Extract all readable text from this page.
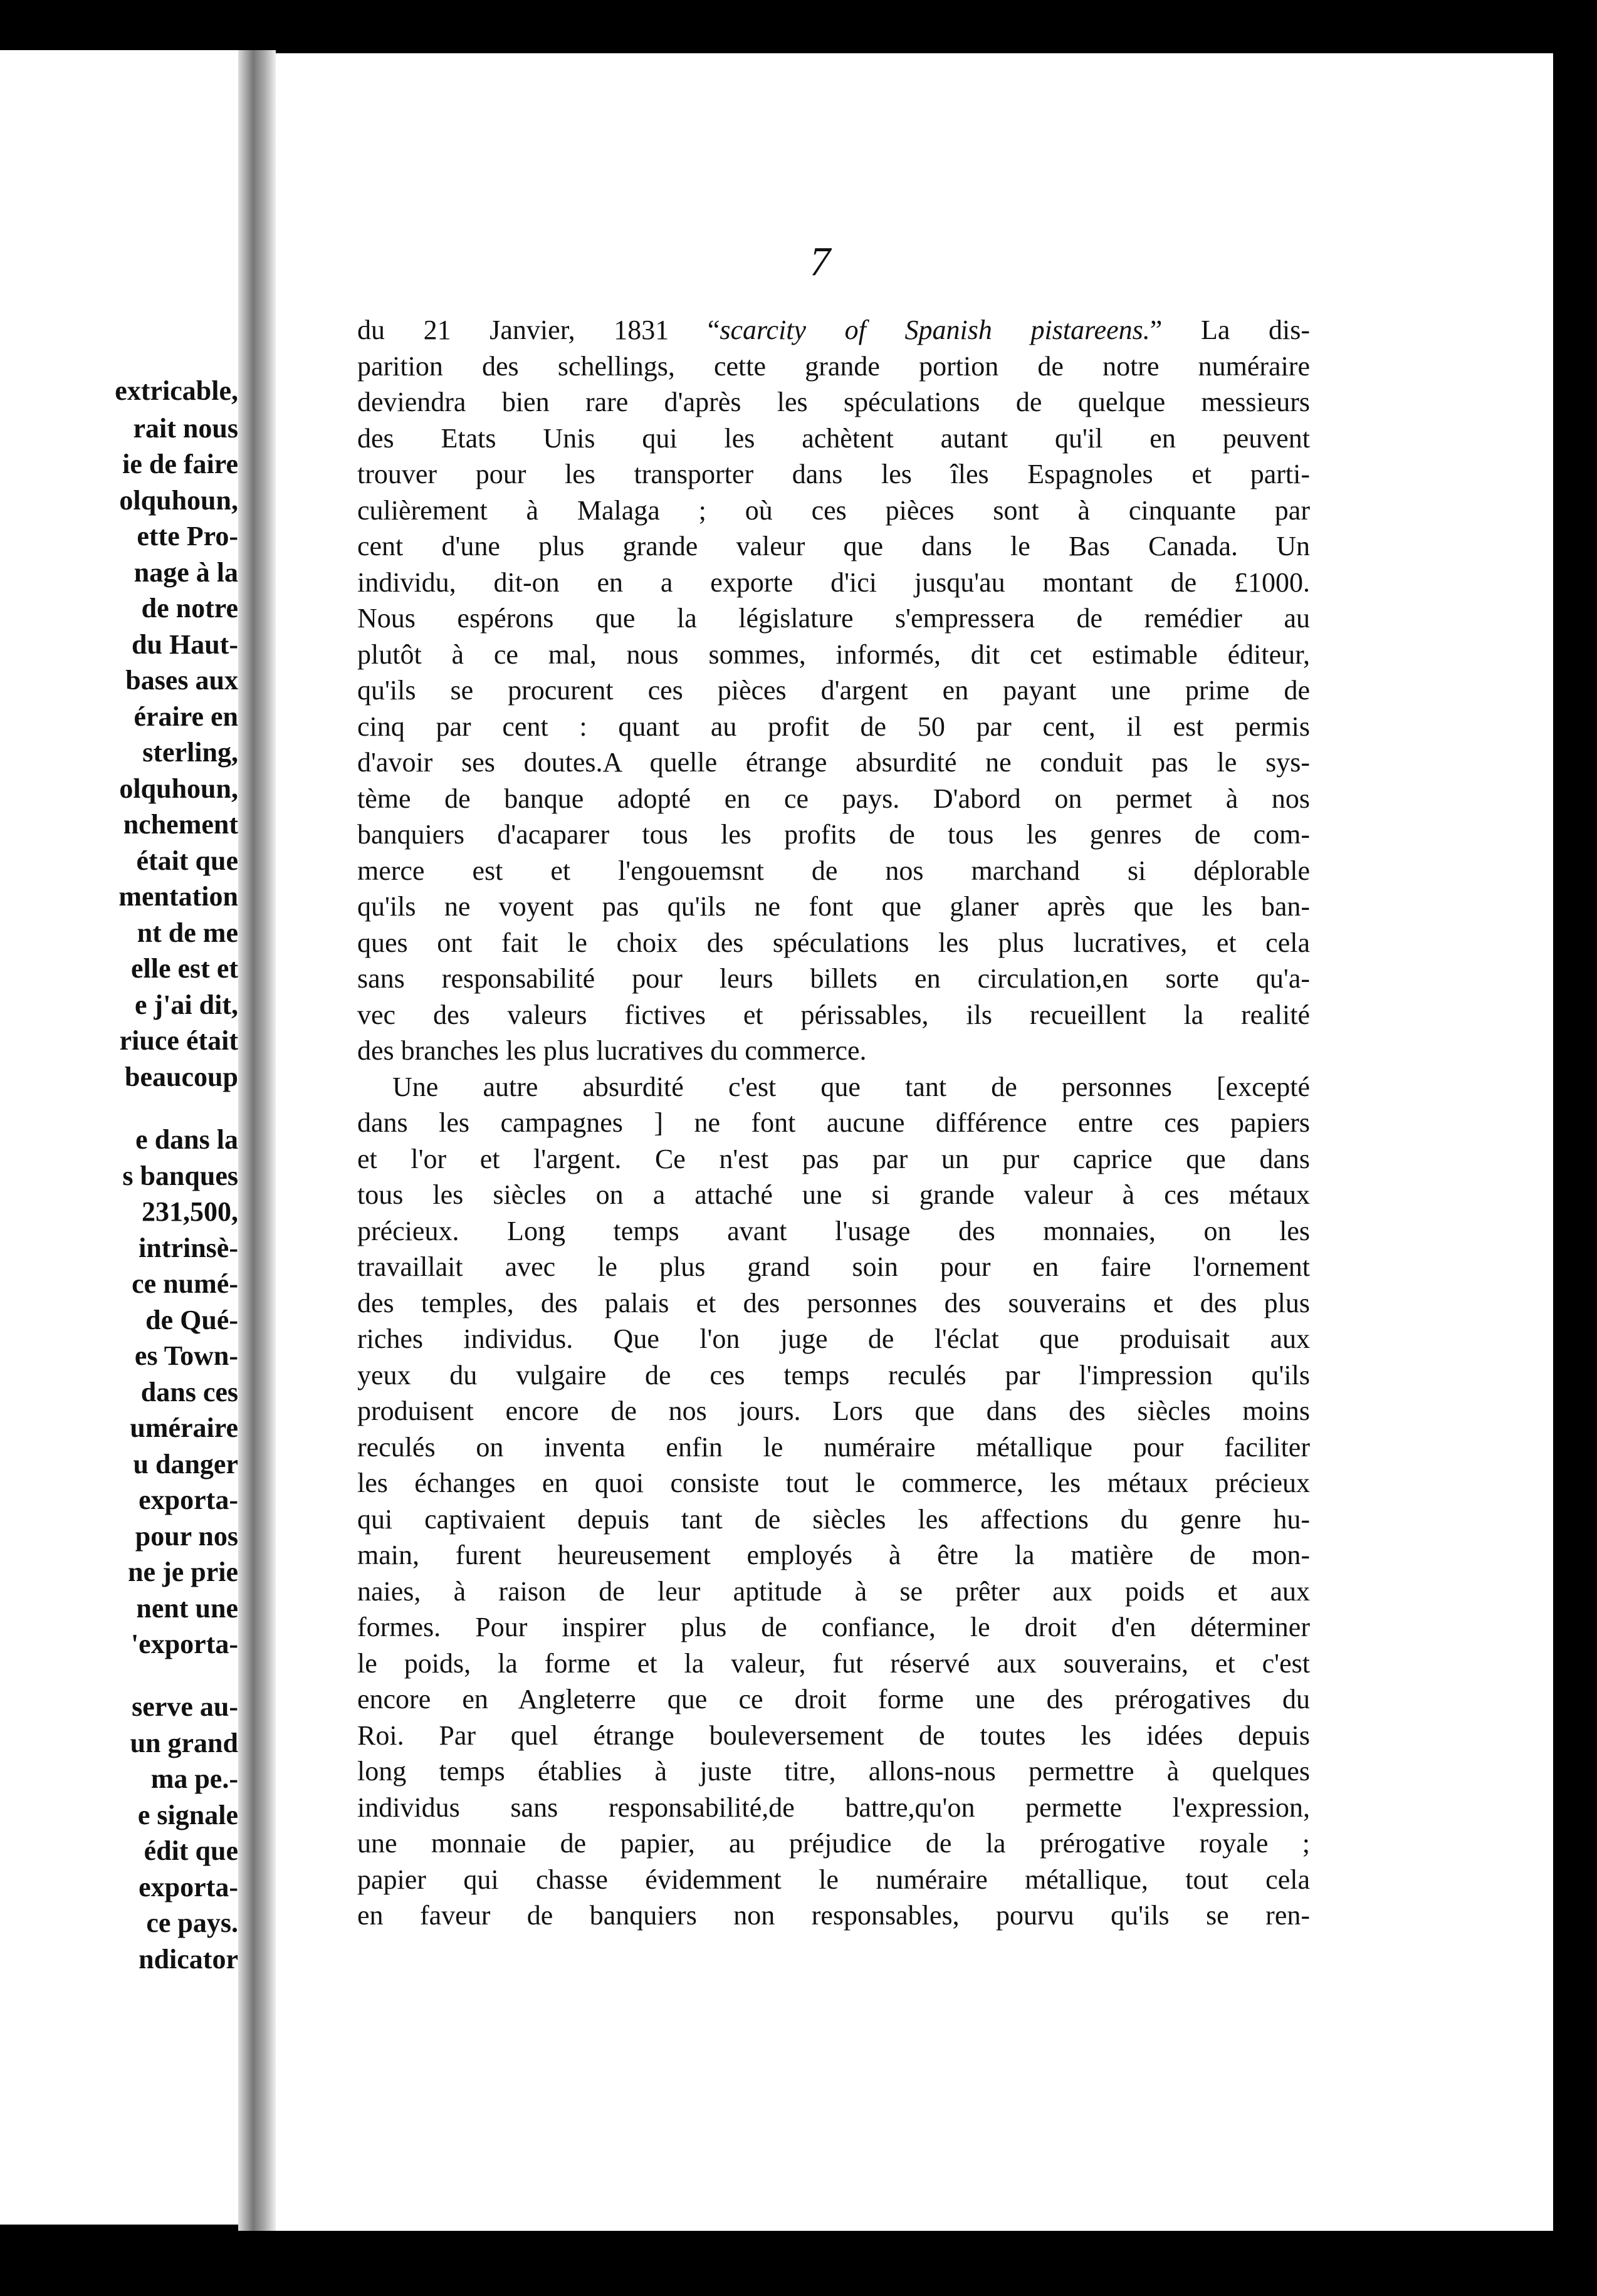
extricable,
rait nous
ie de faire
olquhoun,
ette Pro-
nage à la
de notre
du Haut-
bases aux
éraire en
sterling,
olquhoun,
nchement
était que
mentation
nt de me
elle est et
e j'ai dit,
riuce était
beaucoup
e dans la
s banques
231,500,
intrinsè-
ce numé-
de Qué-
es Town-
dans ces
uméraire
u danger
exporta-
pour nos
ne je prie
nent une
'exporta-
serve au-
un grand
ma pe.-
e signale
édit que
exporta-
ce pays.
ndicator
7
du 21 Janvier, 1831 “scarcity of Spanish pistareens.” La dis-
parition des schellings, cette grande portion de notre numéraire
deviendra bien rare d'après les spéculations de quelque messieurs
des Etats Unis qui les achètent autant qu'il en peuvent
trouver pour les transporter dans les îles Espagnoles et parti-
culièrement à Malaga ; où ces pièces sont à cinquante par
cent d'une plus grande valeur que dans le Bas Canada. Un
individu, dit-on en a exporte d'ici jusqu'au montant de £1000.
Nous espérons que la législature s'empressera de remédier au
plutôt à ce mal, nous sommes, informés, dit cet estimable éditeur,
qu'ils se procurent ces pièces d'argent en payant une prime de
cinq par cent : quant au profit de 50 par cent, il est permis
d'avoir ses doutes.A quelle étrange absurdité ne conduit pas le sys-
tème de banque adopté en ce pays. D'abord on permet à nos
banquiers d'acaparer tous les profits de tous les genres de com-
merce est et l'engouemsnt de nos marchand si déplorable
qu'ils ne voyent pas qu'ils ne font que glaner après que les ban-
ques ont fait le choix des spéculations les plus lucratives, et cela
sans responsabilité pour leurs billets en circulation,en sorte qu'a-
vec des valeurs fictives et périssables, ils recueillent la realité
des branches les plus lucratives du commerce.
Une autre absurdité c'est que tant de personnes [excepté
dans les campagnes ] ne font aucune différence entre ces papiers
et l'or et l'argent. Ce n'est pas par un pur caprice que dans
tous les siècles on a attaché une si grande valeur à ces métaux
précieux. Long temps avant l'usage des monnaies, on les
travaillait avec le plus grand soin pour en faire l'ornement
des temples, des palais et des personnes des souverains et des plus
riches individus. Que l'on juge de l'éclat que produisait aux
yeux du vulgaire de ces temps reculés par l'impression qu'ils
produisent encore de nos jours. Lors que dans des siècles moins
reculés on inventa enfin le numéraire métallique pour faciliter
les échanges en quoi consiste tout le commerce, les métaux précieux
qui captivaient depuis tant de siècles les affections du genre hu-
main, furent heureusement employés à être la matière de mon-
naies, à raison de leur aptitude à se prêter aux poids et aux
formes. Pour inspirer plus de confiance, le droit d'en déterminer
le poids, la forme et la valeur, fut réservé aux souverains, et c'est
encore en Angleterre que ce droit forme une des prérogatives du
Roi. Par quel étrange bouleversement de toutes les idées depuis
long temps établies à juste titre, allons-nous permettre à quelques
individus sans responsabilité,de battre,qu'on permette l'expression,
une monnaie de papier, au préjudice de la prérogative royale ;
papier qui chasse évidemment le numéraire métallique, tout cela
en faveur de banquiers non responsables, pourvu qu'ils se ren-
